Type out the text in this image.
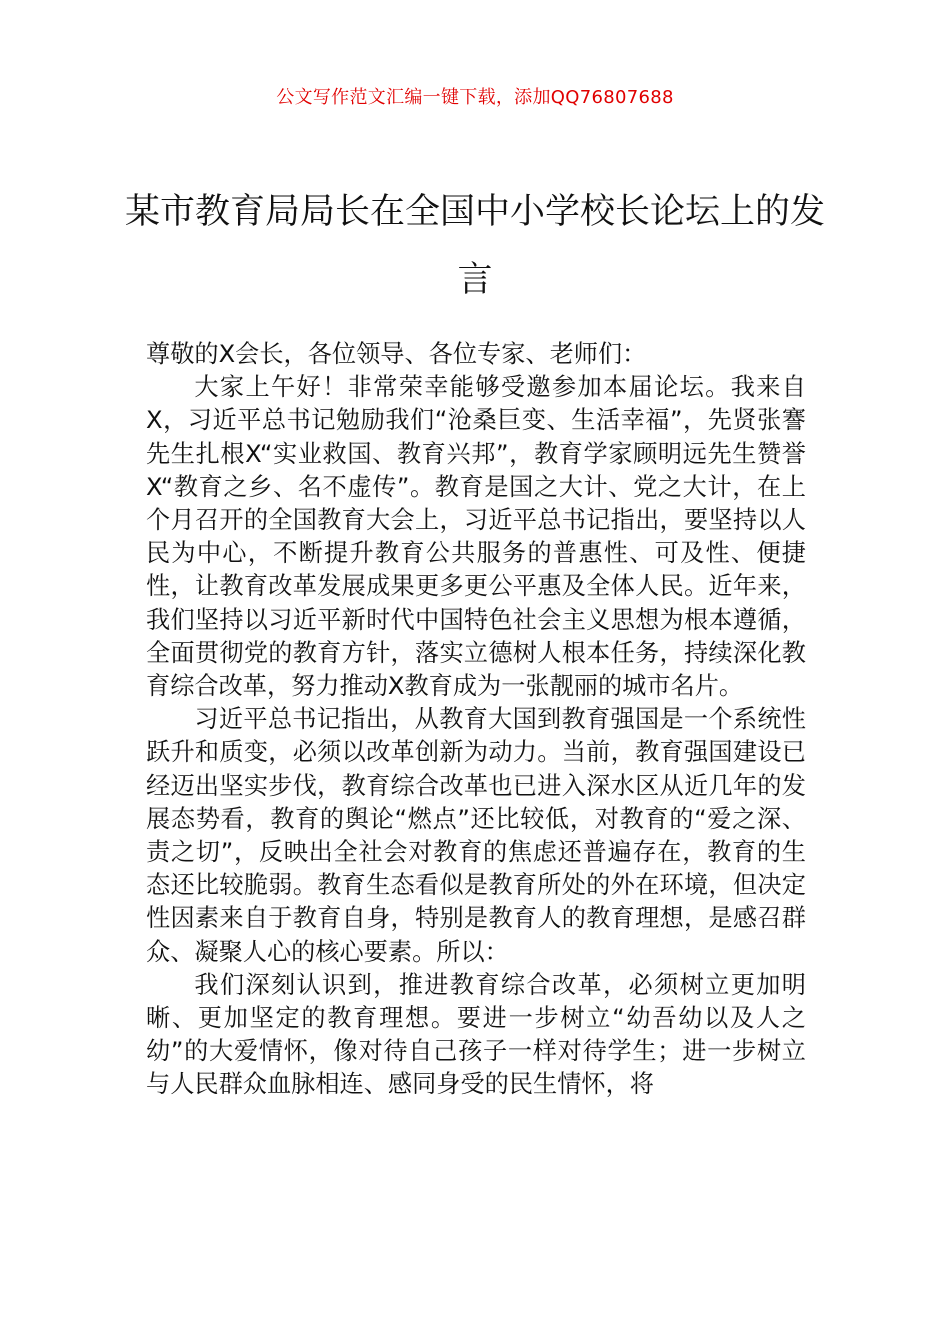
公文写作范文汇编一键下载，添加QQ76807688
某市教育局局长在全国中小学校长论坛上的发言

尊敬的X会长，各位领导、各位专家、老师们：

大家上午好！非常荣幸能够受邀参加本届论坛。我来自X，习近平总书记勉励我们“沧桑巨变、生活幸福”，先贤张謇先生扎根X“实业救国、教育兴邦”，教育学家顾明远先生赞誉X“教育之乡、名不虚传”。教育是国之大计、党之大计，在上个月召开的全国教育大会上，习近平总书记指出，要坚持以人民为中心，不断提升教育公共服务的普惠性、可及性、便捷性，让教育改革发展成果更多更公平惠及全体人民。近年来，我们坚持以习近平新时代中国特色社会主义思想为根本遵循，全面贯彻党的教育方针，落实立德树人根本任务，持续深化教育综合改革，努力推动X教育成为一张靓丽的城市名片。

习近平总书记指出，从教育大国到教育强国是一个系统性跃升和质变，必须以改革创新为动力。当前，教育强国建设已经迈出坚实步伐，教育综合改革也已进入深水区从近几年的发展态势看，教育的舆论“燃点”还比较低，对教育的“爱之深、责之切”，反映出全社会对教育的焦虑还普遍存在，教育的生态还比较脆弱。教育生态看似是教育所处的外在环境，但决定性因素来自于教育自身，特别是教育人的教育理想，是感召群众、凝聚人心的核心要素。所以：

我们深刻认识到，推进教育综合改革，必须树立更加明晰、更加坚定的教育理想。要进一步树立“幼吾幼以及人之幼”的大爱情怀，像对待自己孩子一样对待学生；进一步树立与人民群众血脉相连、感同身受的民生情怀，将
